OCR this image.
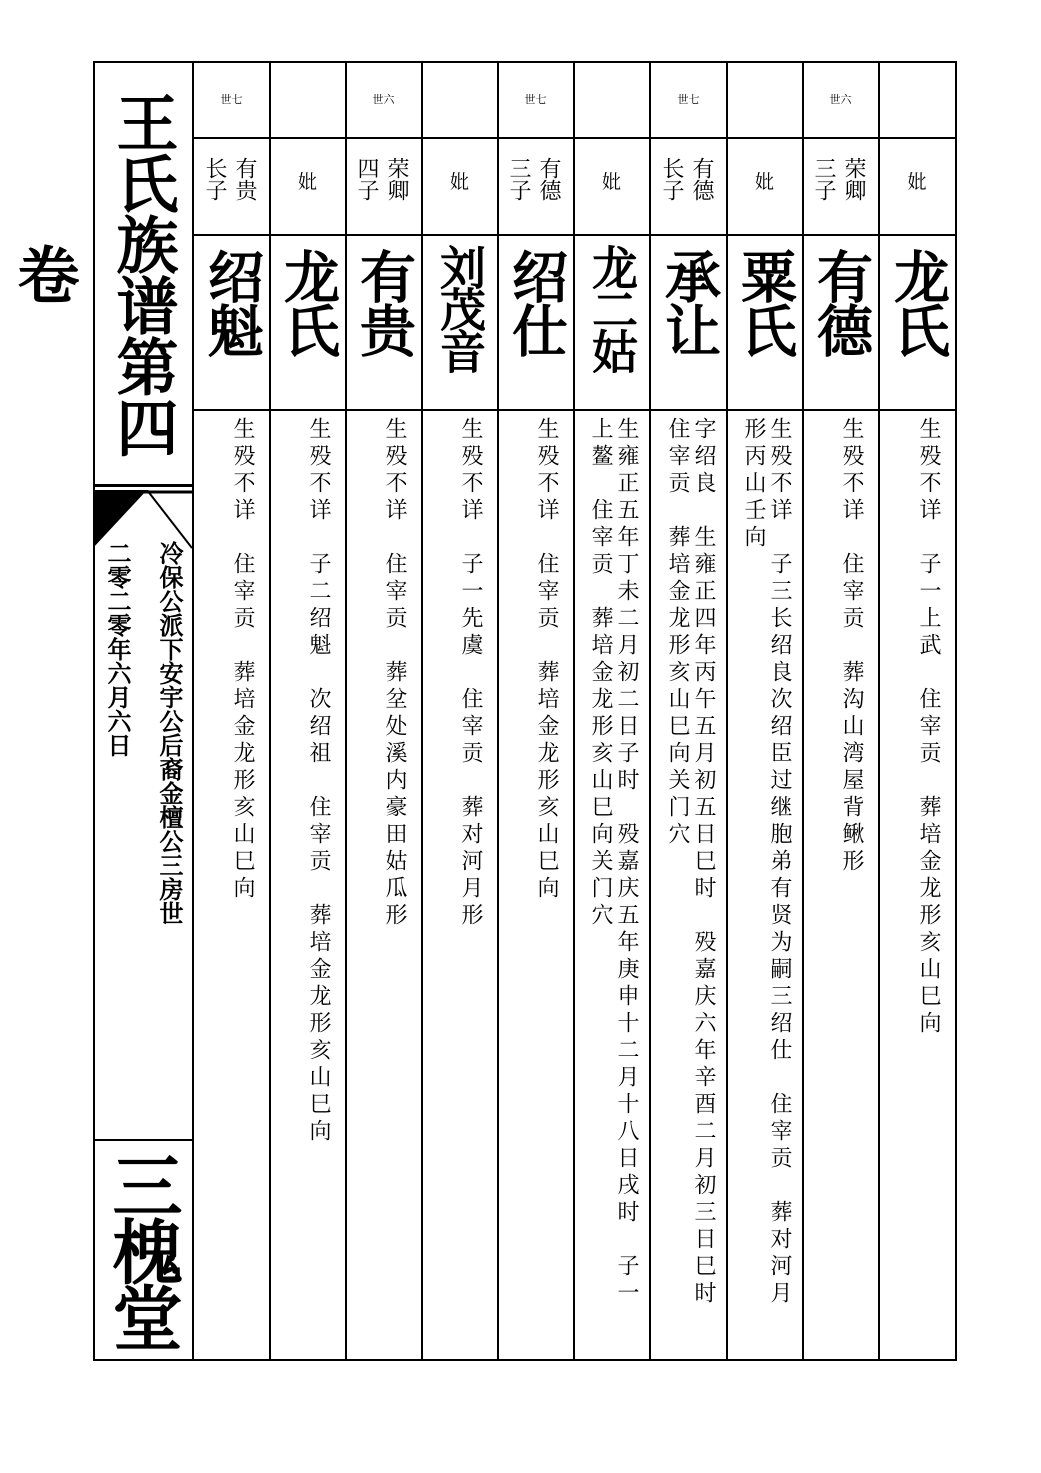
王氏族谱第四卷
冷保公派下安宇公后裔金檀公三房世
二零二零年六月六日
三槐堂
世七
有贵
长子
绍魁
生殁不详　住宰贡　葬培金龙形亥山巳向
妣
龙氏
生殁不详　子二绍魁　次绍祖　住宰贡　葬培金龙形亥山巳向
世六
荣卿
四子
有贵
生殁不详　住宰贡　葬坌处溪内豪田姑瓜形
妣
刘茂音
生殁不详　子一先虞　住宰贡　葬对河月形
世七
有德
三子
绍仕
生殁不详　住宰贡　葬培金龙形亥山巳向
妣
龙二姑
生雍正五年丁未二月初二日子时　殁嘉庆五年庚申十二月十八日戌时　子一
上鳌　住宰贡　葬培金龙形亥山巳向关门穴
世七
有德
长子
承让
字绍良　生雍正四年丙午五月初五日巳时　殁嘉庆六年辛酉二月初三日巳时
住宰贡　葬培金龙形亥山巳向关门穴
妣
粟氏
生殁不详　子三长绍良次绍臣过继胞弟有贤为嗣三绍仕　住宰贡　葬对河月
形丙山壬向
世六
荣卿
三子
有德
生殁不详　住宰贡　葬沟山湾屋背鳅形
妣
龙氏
生殁不详　子一上武　住宰贡　葬培金龙形亥山巳向
